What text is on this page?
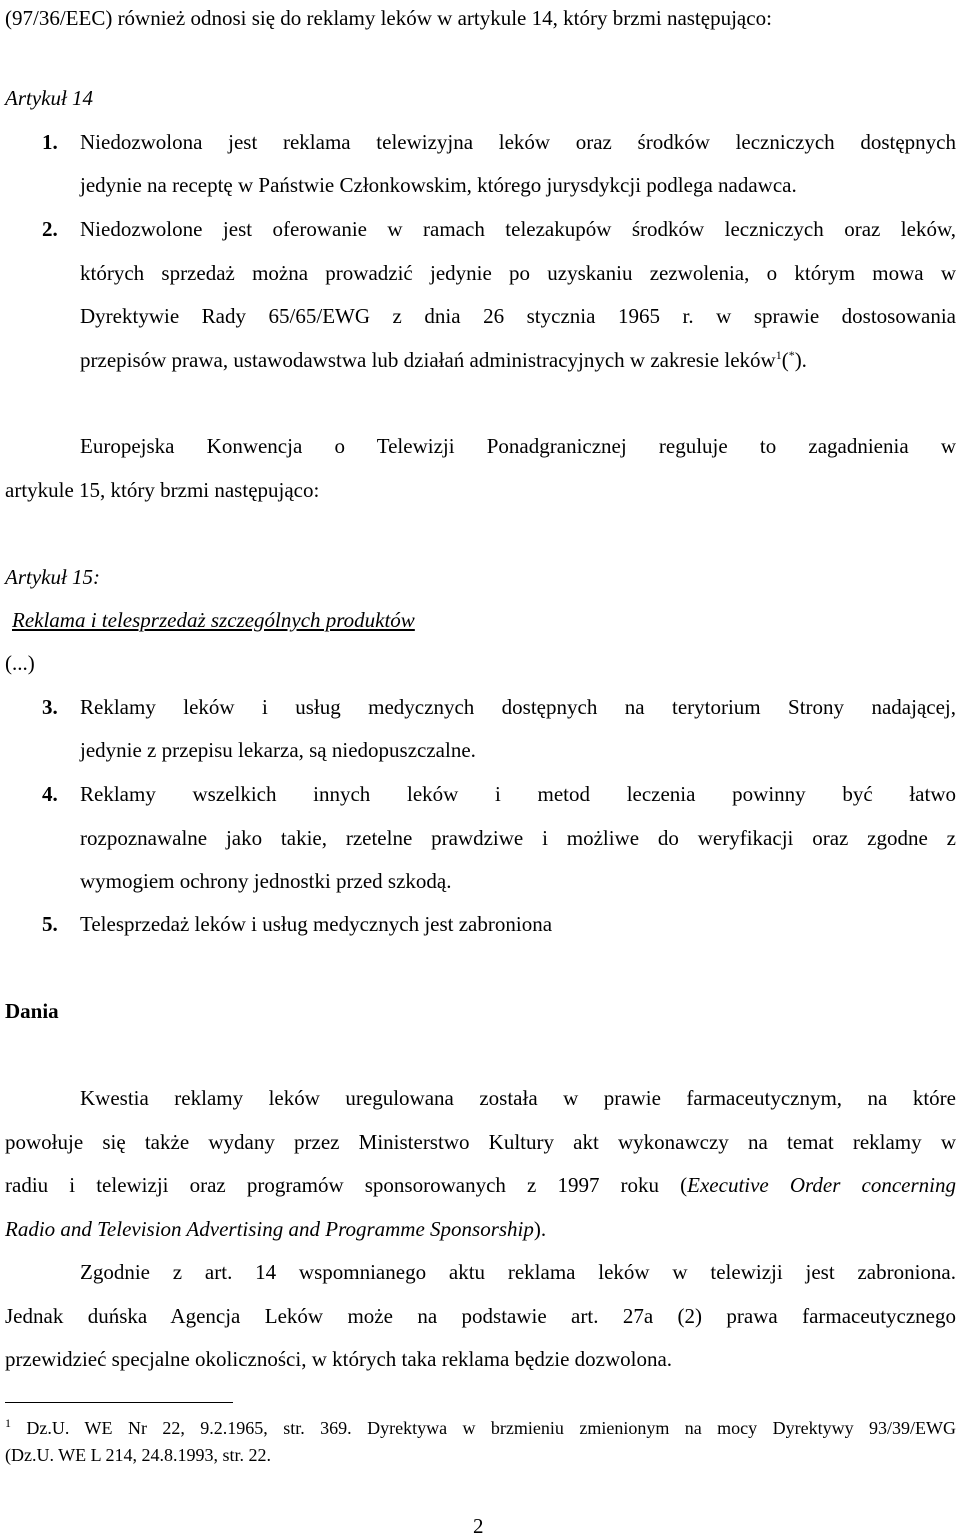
(97/36/EEC) również odnosi się do reklamy leków w artykule 14, który brzmi następująco:

Artykuł 14

1. Niedozwolona jest reklama telewizyjna leków oraz środków leczniczych dostępnych

jedynie na receptę w Państwie Członkowskim, którego jurysdykcji podlega nadawca.

2. Niedozwolone jest oferowanie w ramach telezakupów środków leczniczych oraz leków,

których sprzedaż można prowadzić jedynie po uzyskaniu zezwolenia, o którym mowa w

Dyrektywie Rady 65/65/EWG z dnia 26 stycznia 1965 r. w sprawie dostosowania

przepisów prawa, ustawodawstwa lub działań administracyjnych w zakresie leków$^1$(*).

Europejska Konwencja o Telewizji Ponadgranicznej reguluje to zagadnienia w

artykule 15, który brzmi następująco:

Artykuł 15:

Reklama i telesprzedaż szczególnych produktów

(...)

3. Reklamy leków i usług medycznych dostępnych na terytorium Strony nadającej,

jedynie z przepisu lekarza, są niedopuszczalne.

4. Reklamy wszelkich innych leków i metod leczenia powinny być łatwo

rozpoznawalne jako takie, rzetelne prawdziwe i możliwe do weryfikacji oraz zgodne z

wymogiem ochrony jednostki przed szkodą.

5. Telesprzedaż leków i usług medycznych jest zabroniona

Dania

Kwestia reklamy leków uregulowana została w prawie farmaceutycznym, na które

powołuje się także wydany przez Ministerstwo Kultury akt wykonawczy na temat reklamy w

radiu i telewizji oraz programów sponsorowanych z 1997 roku (Executive Order concerning

Radio and Television Advertising and Programme Sponsorship).

Zgodnie z art. 14 wspomnianego aktu reklama leków w telewizji jest zabroniona.

Jednak duńska Agencja Leków może na podstawie art. 27a (2) prawa farmaceutycznego

przewidzieć specjalne okoliczności, w których taka reklama będzie dozwolona.

$^1$ Dz.U. WE Nr 22, 9.2.1965, str. 369. Dyrektywa w brzmieniu zmienionym na mocy Dyrektywy 93/39/EWG

(Dz.U. WE L 214, 24.8.1993, str. 22.

2
